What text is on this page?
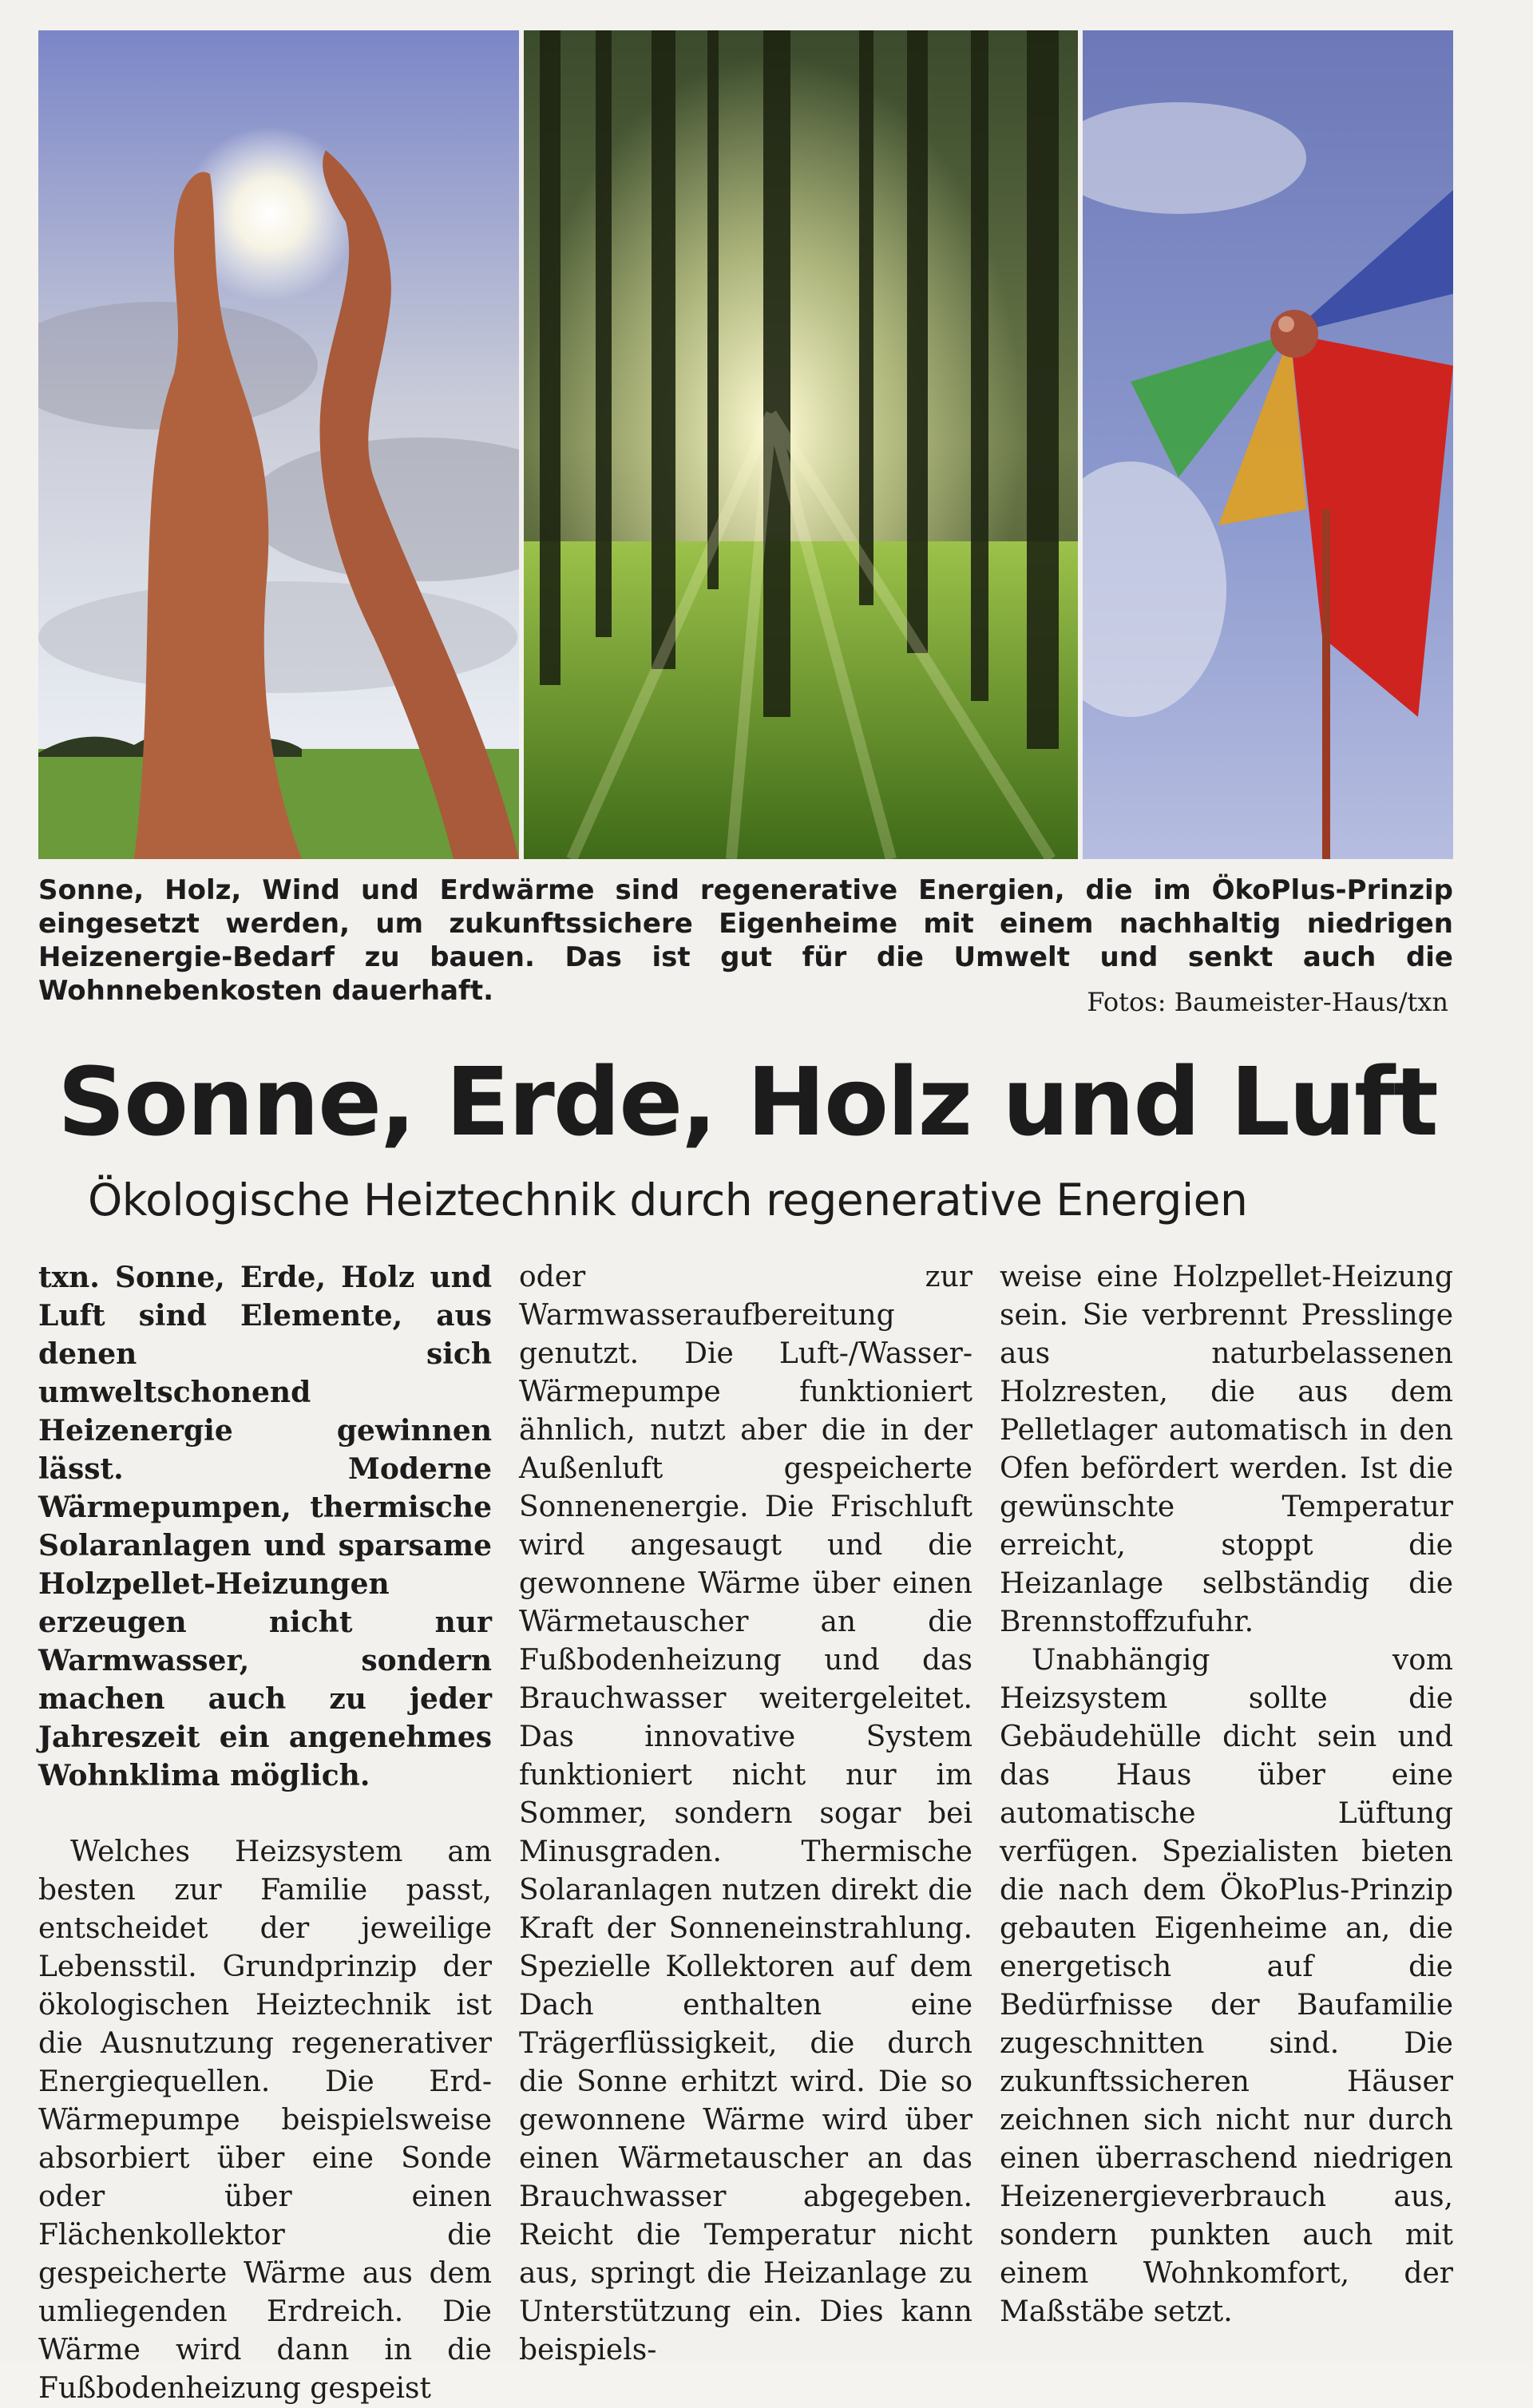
Sonne, Holz, Wind und Erdwärme sind regenerative Energien, die im ÖkoPlus-Prinzip eingesetzt werden, um zukunftssichere Eigenheime mit einem nachhaltig niedrigen Heizenergie-Bedarf zu bauen. Das ist gut für die Umwelt und senkt auch die Wohnnebenkosten dauerhaft.	Fotos: Baumeister-Haus/txn
Sonne, Erde, Holz und Luft
Ökologische Heiztechnik durch regenerative Energien

txn. Sonne, Erde, Holz und Luft sind Elemente, aus denen sich umweltschonend Heizenergie gewinnen lässt. Moderne Wärmepumpen, thermische Solaranlagen und sparsame Holzpellet-Heizungen erzeugen nicht nur Warmwasser, sondern machen auch zu jeder Jahreszeit ein angenehmes Wohnklima möglich.

Welches Heizsystem am besten zur Familie passt, entscheidet der jeweilige Lebensstil. Grundprinzip der ökologischen Heiztechnik ist die Ausnutzung regenerativer Energiequellen. Die Erd-Wärmepumpe beispielsweise absorbiert über eine Sonde oder über einen Flächenkollektor die gespeicherte Wärme aus dem umliegenden Erdreich. Die Wärme wird dann in die Fußbodenheizung gespeist

oder zur Warmwasseraufbereitung genutzt. Die Luft-/Wasser-Wärmepumpe funktioniert ähnlich, nutzt aber die in der Außenluft gespeicherte Sonnenenergie. Die Frischluft wird angesaugt und die gewonnene Wärme über einen Wärmetauscher an die Fußbodenheizung und das Brauchwasser weitergeleitet. Das innovative System funktioniert nicht nur im Sommer, sondern sogar bei Minusgraden. Thermische Solaranlagen nutzen direkt die Kraft der Sonneneinstrahlung. Spezielle Kollektoren auf dem Dach enthalten eine Trägerflüssigkeit, die durch die Sonne erhitzt wird. Die so gewonnene Wärme wird über einen Wärmetauscher an das Brauchwasser abgegeben. Reicht die Temperatur nicht aus, springt die Heizanlage zu Unterstützung ein. Dies kann beispiels-

weise eine Holzpellet-Heizung sein. Sie verbrennt Presslinge aus naturbelassenen Holzresten, die aus dem Pelletlager automatisch in den Ofen befördert werden. Ist die gewünschte Temperatur erreicht, stoppt die Heizanlage selbständig die Brennstoffzufuhr.

Unabhängig vom Heizsystem sollte die Gebäudehülle dicht sein und das Haus über eine automatische Lüftung verfügen. Spezialisten bieten die nach dem ÖkoPlus-Prinzip gebauten Eigenheime an, die energetisch auf die Bedürfnisse der Baufamilie zugeschnitten sind. Die zukunftssicheren Häuser zeichnen sich nicht nur durch einen überraschend niedrigen Heizenergieverbrauch aus, sondern punkten auch mit einem Wohnkomfort, der Maßstäbe setzt.
